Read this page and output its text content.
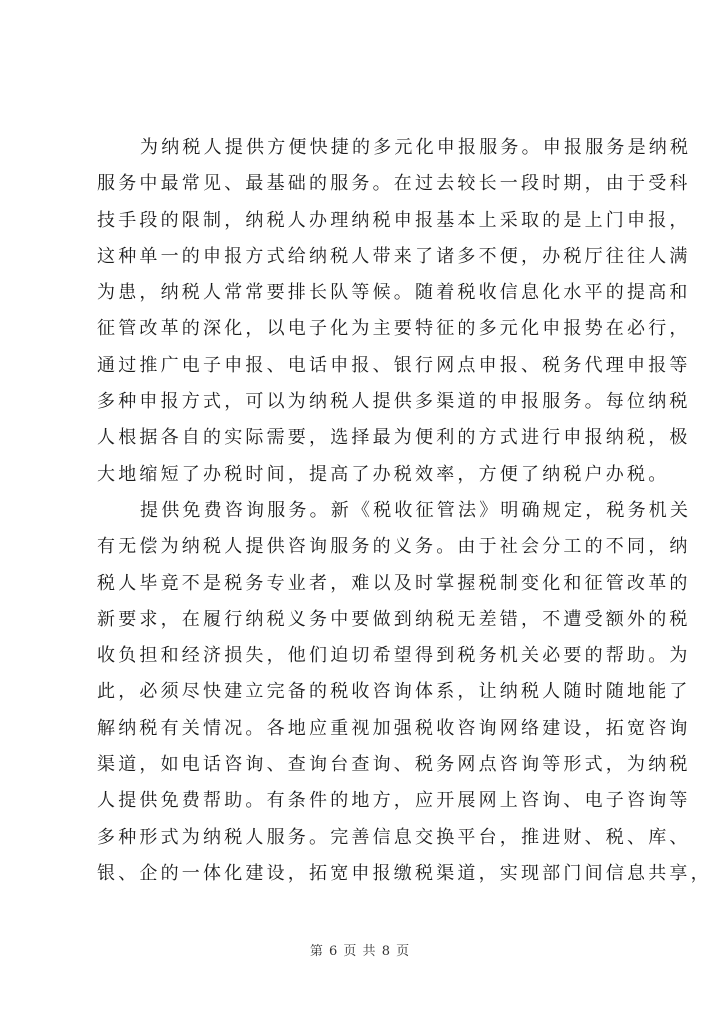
为纳税人提供方便快捷的多元化申报服务。申报服务是纳税
服务中最常见、最基础的服务。在过去较长一段时期，由于受科
技手段的限制，纳税人办理纳税申报基本上采取的是上门申报，
这种单一的申报方式给纳税人带来了诸多不便，办税厅往往人满
为患，纳税人常常要排长队等候。随着税收信息化水平的提高和
征管改革的深化，以电子化为主要特征的多元化申报势在必行，
通过推广电子申报、电话申报、银行网点申报、税务代理申报等
多种申报方式，可以为纳税人提供多渠道的申报服务。每位纳税
人根据各自的实际需要，选择最为便利的方式进行申报纳税，极
大地缩短了办税时间，提高了办税效率，方便了纳税户办税。
提供免费咨询服务。新《税收征管法》明确规定，税务机关
有无偿为纳税人提供咨询服务的义务。由于社会分工的不同，纳
税人毕竟不是税务专业者，难以及时掌握税制变化和征管改革的
新要求，在履行纳税义务中要做到纳税无差错，不遭受额外的税
收负担和经济损失，他们迫切希望得到税务机关必要的帮助。为
此，必须尽快建立完备的税收咨询体系，让纳税人随时随地能了
解纳税有关情况。各地应重视加强税收咨询网络建设，拓宽咨询
渠道，如电话咨询、查询台查询、税务网点咨询等形式，为纳税
人提供免费帮助。有条件的地方，应开展网上咨询、电子咨询等
多种形式为纳税人服务。完善信息交换平台，推进财、税、库、
银、企的一体化建设，拓宽申报缴税渠道，实现部门间信息共享，
第 6 页 共 8 页
